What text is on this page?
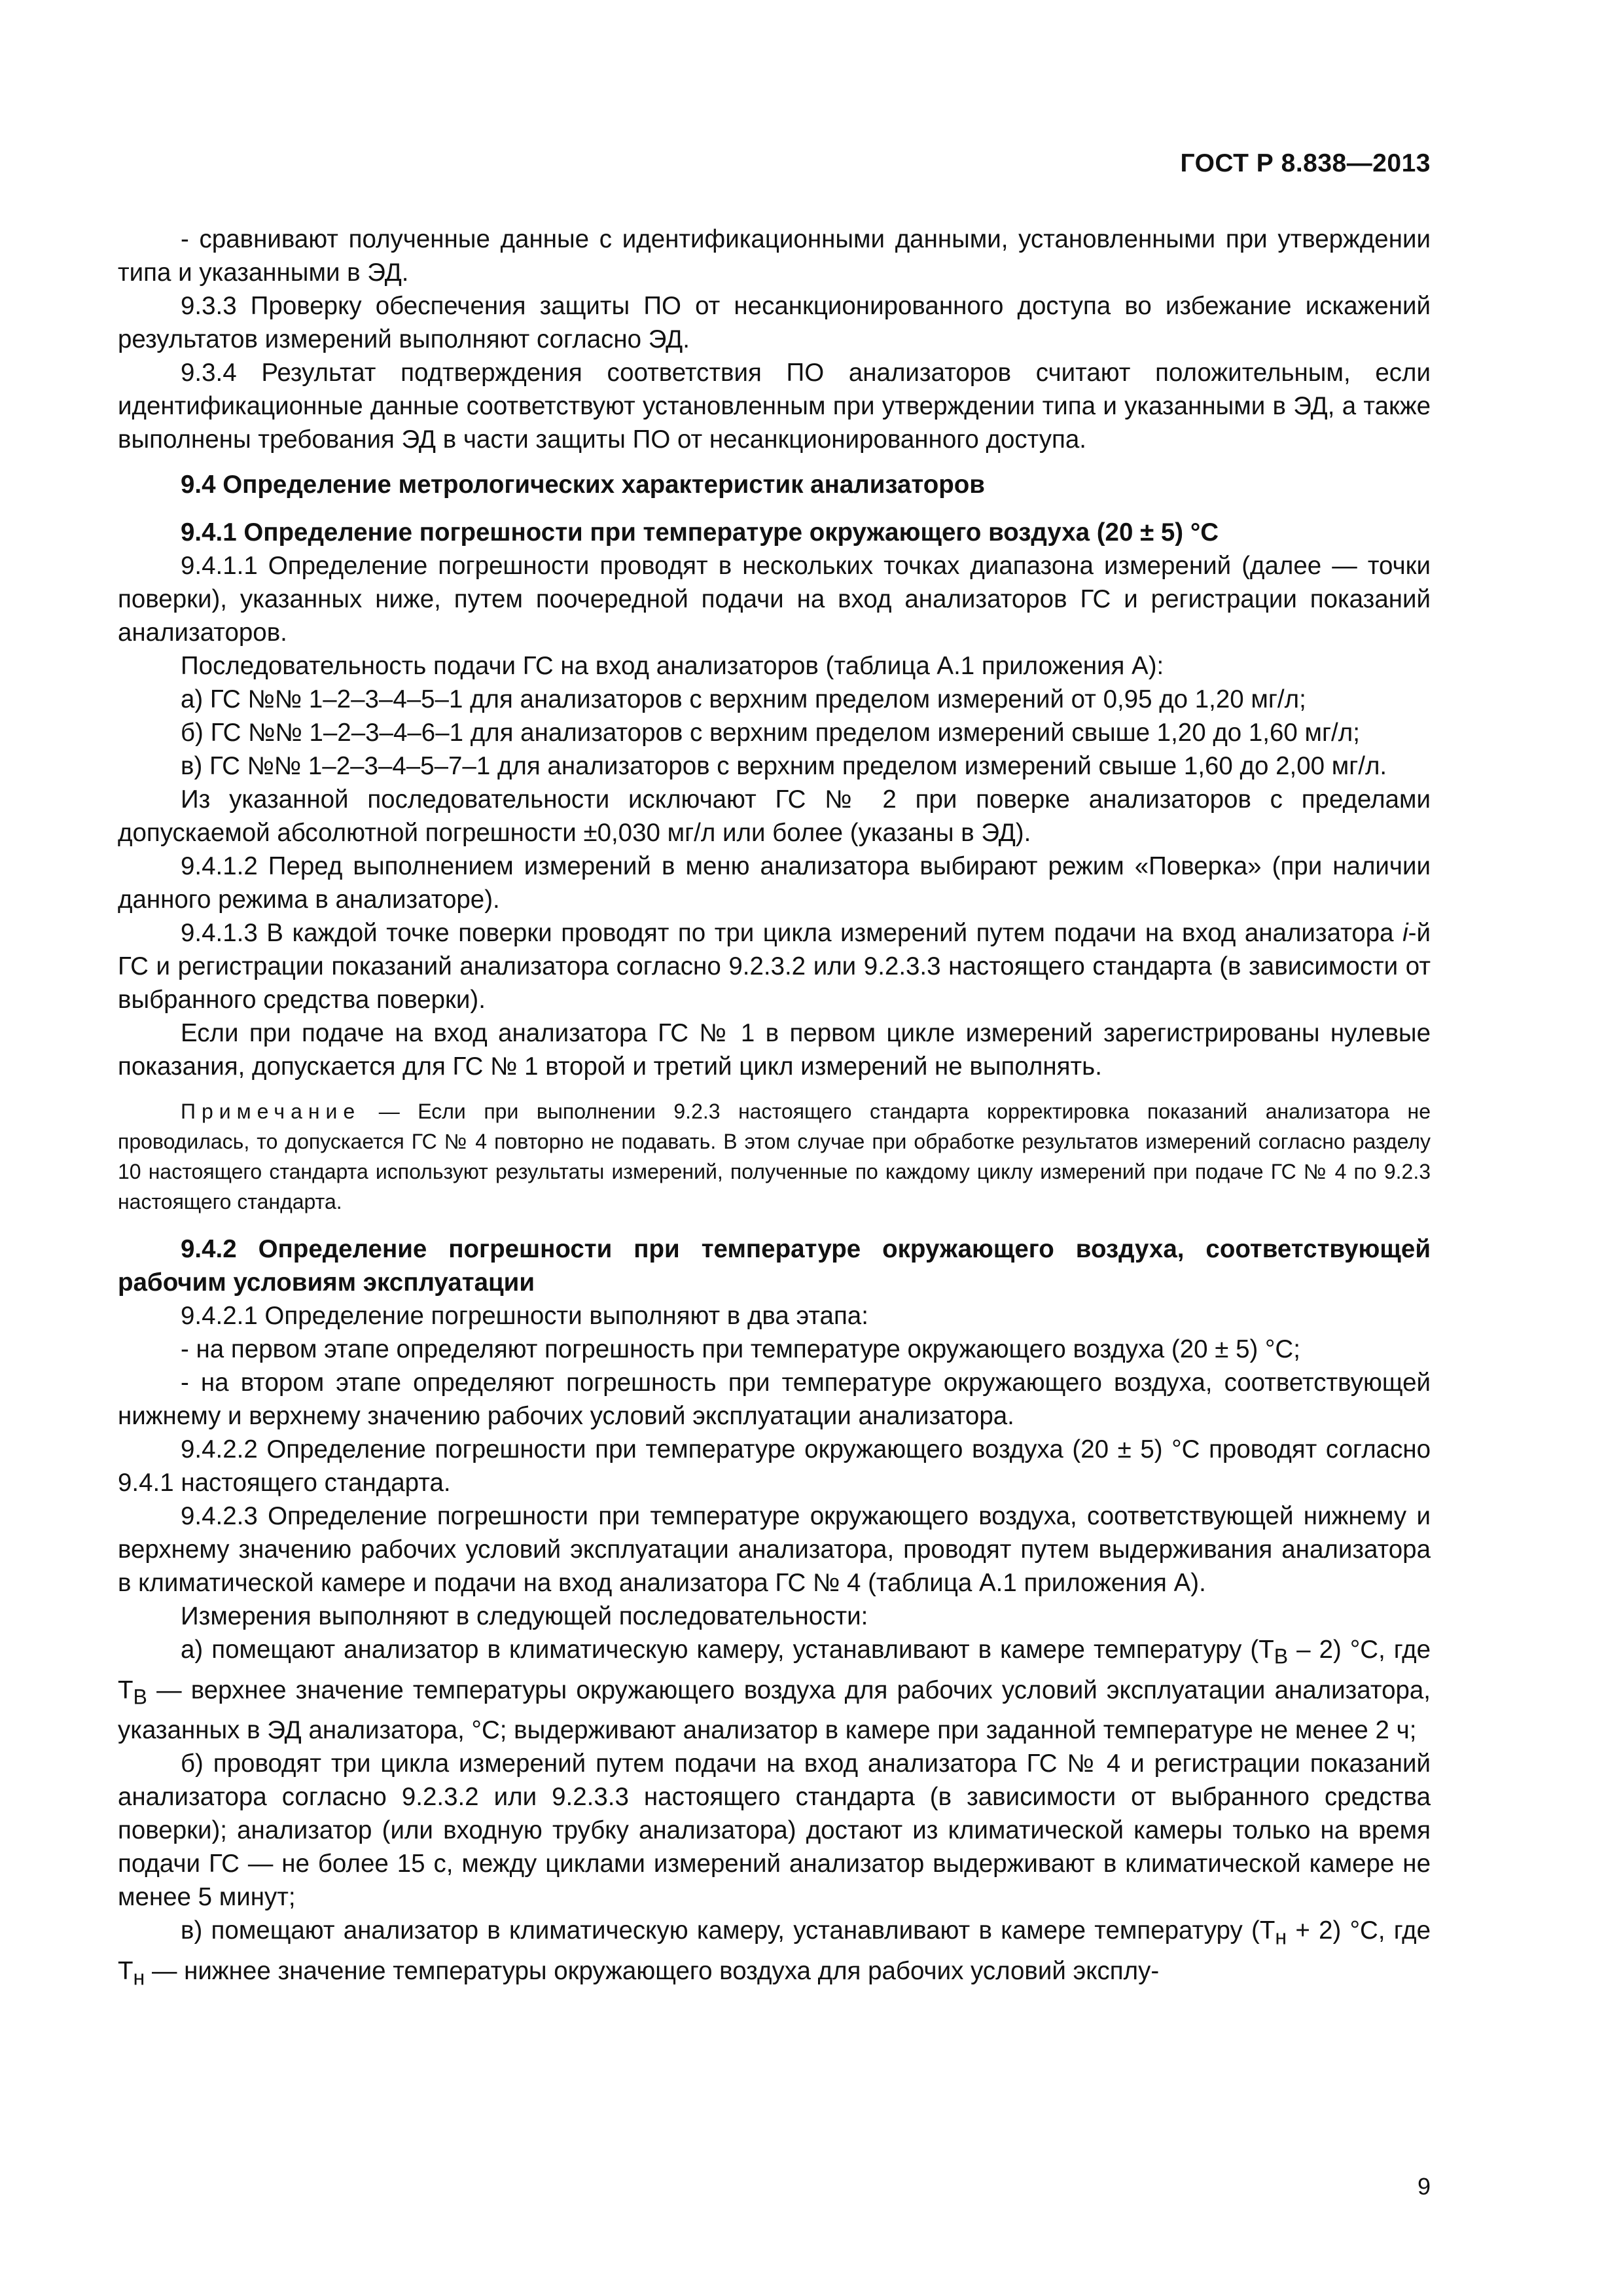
ГОСТ Р 8.838—2013

- сравнивают полученные данные с идентификационными данными, установленными при утверждении типа и указанными в ЭД.

9.3.3 Проверку обеспечения защиты ПО от несанкционированного доступа во избежание искажений результатов измерений выполняют согласно ЭД.

9.3.4 Результат подтверждения соответствия ПО анализаторов считают положительным, если идентификационные данные соответствуют установленным при утверждении типа и указанными в ЭД, а также выполнены требования ЭД в части защиты ПО от несанкционированного доступа.

9.4 Определение метрологических характеристик анализаторов

9.4.1 Определение погрешности при температуре окружающего воздуха (20 ± 5) °С

9.4.1.1 Определение погрешности проводят в нескольких точках диапазона измерений (далее — точки поверки), указанных ниже, путем поочередной подачи на вход анализаторов ГС и регистрации показаний анализаторов.

Последовательность подачи ГС на вход анализаторов (таблица А.1 приложения А):

а) ГС №№ 1–2–3–4–5–1 для анализаторов с верхним пределом измерений от 0,95 до 1,20 мг/л;

б) ГС №№ 1–2–3–4–6–1 для анализаторов с верхним пределом измерений свыше 1,20 до 1,60 мг/л;

в) ГС №№ 1–2–3–4–5–7–1 для анализаторов с верхним пределом измерений свыше 1,60 до 2,00 мг/л.

Из указанной последовательности исключают ГС № 2 при поверке анализаторов с пределами допускаемой абсолютной погрешности ±0,030 мг/л или более (указаны в ЭД).

9.4.1.2 Перед выполнением измерений в меню анализатора выбирают режим «Поверка» (при наличии данного режима в анализаторе).

9.4.1.3 В каждой точке поверки проводят по три цикла измерений путем подачи на вход анализатора i-й ГС и регистрации показаний анализатора согласно 9.2.3.2 или 9.2.3.3 настоящего стандарта (в зависимости от выбранного средства поверки).

Если при подаче на вход анализатора ГС № 1 в первом цикле измерений зарегистрированы нулевые показания, допускается для ГС № 1 второй и третий цикл измерений не выполнять.

Примечание — Если при выполнении 9.2.3 настоящего стандарта корректировка показаний анализатора не проводилась, то допускается ГС № 4 повторно не подавать. В этом случае при обработке результатов измерений согласно разделу 10 настоящего стандарта используют результаты измерений, полученные по каждому циклу измерений при подаче ГС № 4 по 9.2.3 настоящего стандарта.

9.4.2 Определение погрешности при температуре окружающего воздуха, соответствующей рабочим условиям эксплуатации

9.4.2.1 Определение погрешности выполняют в два этапа:

- на первом этапе определяют погрешность при температуре окружающего воздуха (20 ± 5) °С;

- на втором этапе определяют погрешность при температуре окружающего воздуха, соответствующей нижнему и верхнему значению рабочих условий эксплуатации анализатора.

9.4.2.2 Определение погрешности при температуре окружающего воздуха (20 ± 5) °С проводят согласно 9.4.1 настоящего стандарта.

9.4.2.3 Определение погрешности при температуре окружающего воздуха, соответствующей нижнему и верхнему значению рабочих условий эксплуатации анализатора, проводят путем выдерживания анализатора в климатической камере и подачи на вход анализатора ГС № 4 (таблица А.1 приложения А).

Измерения выполняют в следующей последовательности:

а) помещают анализатор в климатическую камеру, устанавливают в камере температуру $(Т_В - 2)$ °С, где $Т_В$ — верхнее значение температуры окружающего воздуха для рабочих условий эксплуатации анализатора, указанных в ЭД анализатора, °С; выдерживают анализатор в камере при заданной температуре не менее 2 ч;

б) проводят три цикла измерений путем подачи на вход анализатора ГС № 4 и регистрации показаний анализатора согласно 9.2.3.2 или 9.2.3.3 настоящего стандарта (в зависимости от выбранного средства поверки); анализатор (или входную трубку анализатора) достают из климатической камеры только на время подачи ГС — не более 15 с, между циклами измерений анализатор выдерживают в климатической камере не менее 5 минут;

в) помещают анализатор в климатическую камеру, устанавливают в камере температуру $(Т_н + 2)$ °С, где $Т_н$ — нижнее значение температуры окружающего воздуха для рабочих условий эксплу-

9
